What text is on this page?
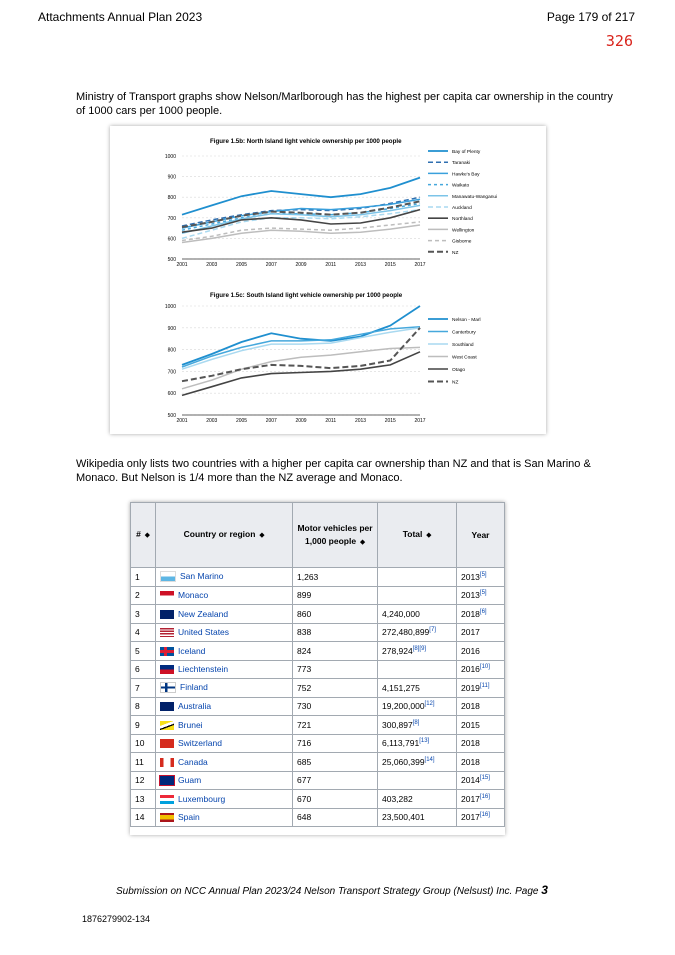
Attachments Annual Plan 2023	Page 179 of 217
326
Ministry of Transport graphs show Nelson/Marlborough has the highest per capita car ownership in the country of 1000 cars per 1000 people.
Figure 1.5b: North Island light vehicle ownership per 1000 people
500
600
700
800
900
1000
2001	2003	2005	2007	2009	2011	2013	2015	2017
Bay of Plenty
Taranaki
Hawke's Bay
Waikato
Manawatu-Wanganui
Auckland
Northland
Wellington
Gisborne
NZ
Figure 1.5c: South Island light vehicle ownership per 1000 people
500
600
700
800
900
1000
2001	2003	2005	2007	2009	2011	2013	2015	2017
Nelson - Marl
Canterbury
Southland
West Coast
Otago
NZ
Wikipedia only lists two countries with a higher per capita car ownership than NZ and that is San Marino & Monaco. But Nelson is 1/4 more than the NZ average and Monaco.
# ⬥	Country or region ⬥	Motor vehicles per 1,000 people ⬥	Total ⬥	Year
1	San Marino	1,263		2013[5]
2	Monaco	899		2013[5]
3	New Zealand	860	4,240,000	2018[6]
4	United States	838	272,480,899[7]	2017
5	Iceland	824	278,924[8][9]	2016
6	Liechtenstein	773		2016[10]
7	Finland	752	4,151,275	2019[11]
8	Australia	730	19,200,000[12]	2018
9	Brunei	721	300,897[8]	2015
10	Switzerland	716	6,113,791[13]	2018
11	Canada	685	25,060,399[14]	2018
12	Guam	677		2014[15]
13	Luxembourg	670	403,282	2017[16]
14	Spain	648	23,500,401	2017[16]
Submission on NCC Annual Plan 2023/24 Nelson Transport Strategy Group (Nelsust) Inc. Page 3
1876279902-134
